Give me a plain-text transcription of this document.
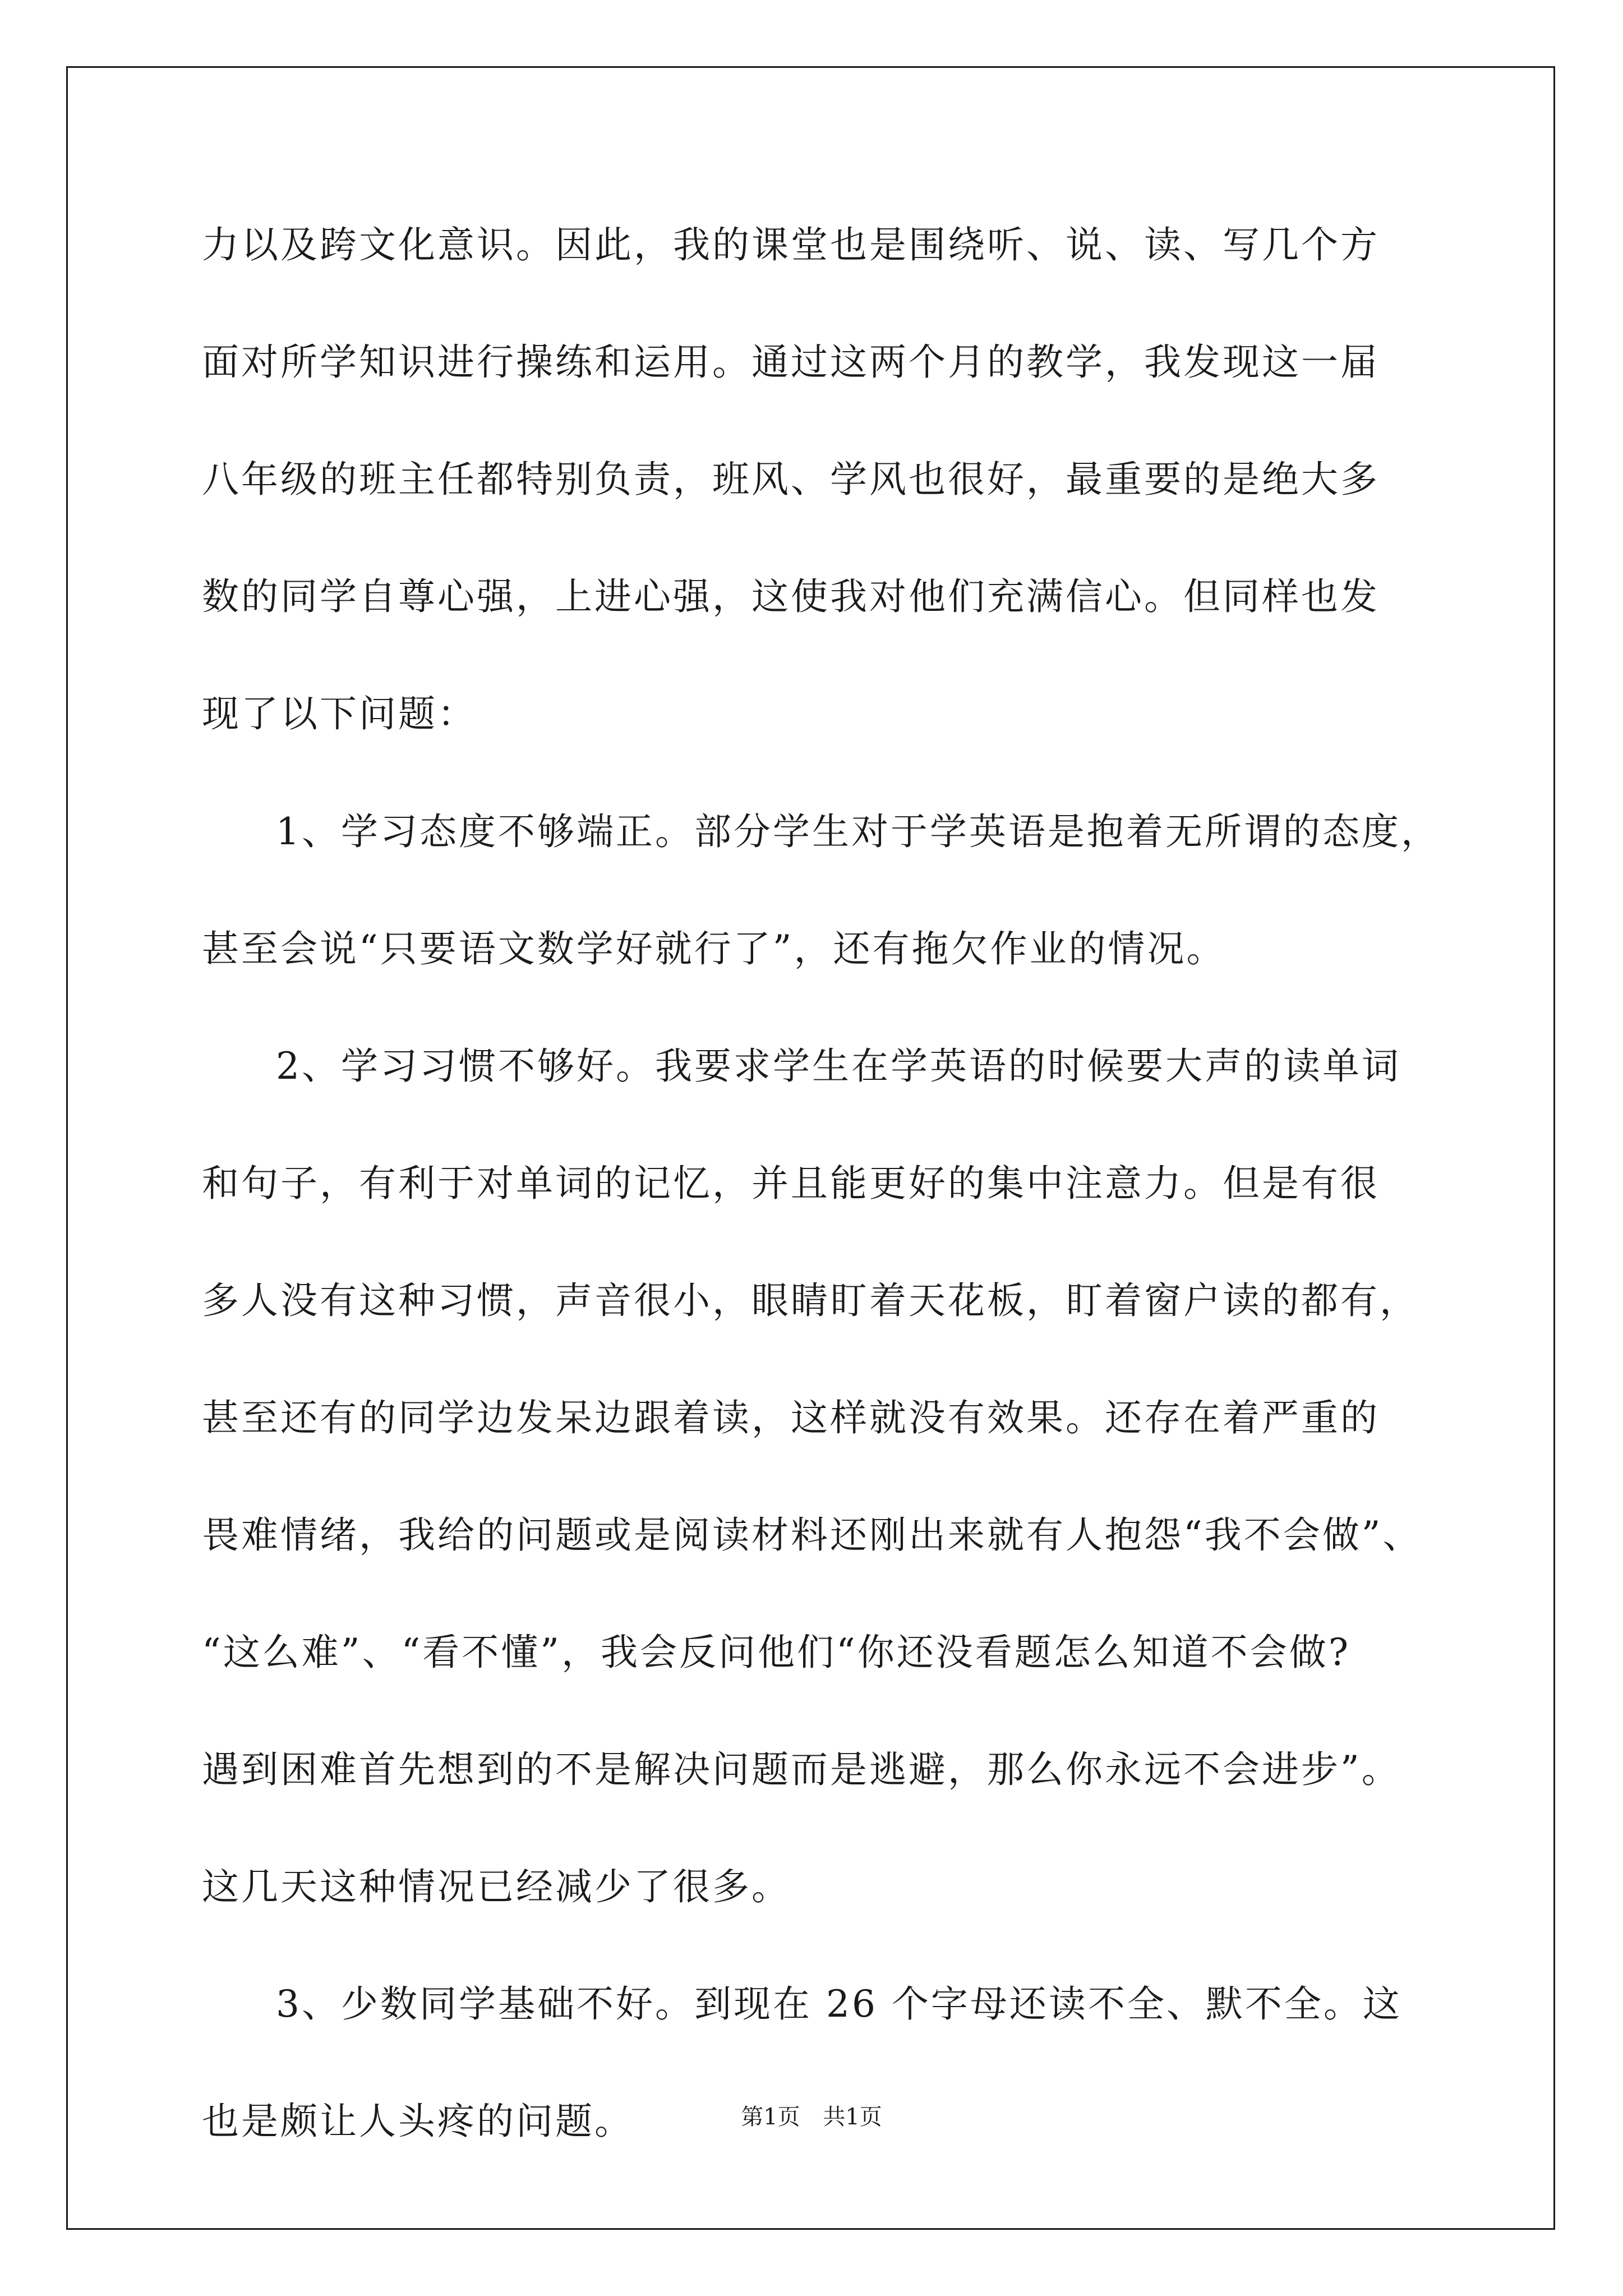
力以及跨文化意识。因此，我的课堂也是围绕听、说、读、写几个方
面对所学知识进行操练和运用。通过这两个月的教学，我发现这一届
八年级的班主任都特别负责，班风、学风也很好，最重要的是绝大多
数的同学自尊心强，上进心强，这使我对他们充满信心。但同样也发
现了以下问题：
1、学习态度不够端正。部分学生对于学英语是抱着无所谓的态度，
甚至会说“只要语文数学好就行了”，还有拖欠作业的情况。
2、学习习惯不够好。我要求学生在学英语的时候要大声的读单词
和句子，有利于对单词的记忆，并且能更好的集中注意力。但是有很
多人没有这种习惯，声音很小，眼睛盯着天花板，盯着窗户读的都有，
甚至还有的同学边发呆边跟着读，这样就没有效果。还存在着严重的
畏难情绪，我给的问题或是阅读材料还刚出来就有人抱怨“我不会做”、
“这么难”、“看不懂”，我会反问他们“你还没看题怎么知道不会做?
遇到困难首先想到的不是解决问题而是逃避，那么你永远不会进步”。
这几天这种情况已经减少了很多。
3、少数同学基础不好。到现在 26 个字母还读不全、默不全。这
也是颇让人头疼的问题。	第1页 共1页
